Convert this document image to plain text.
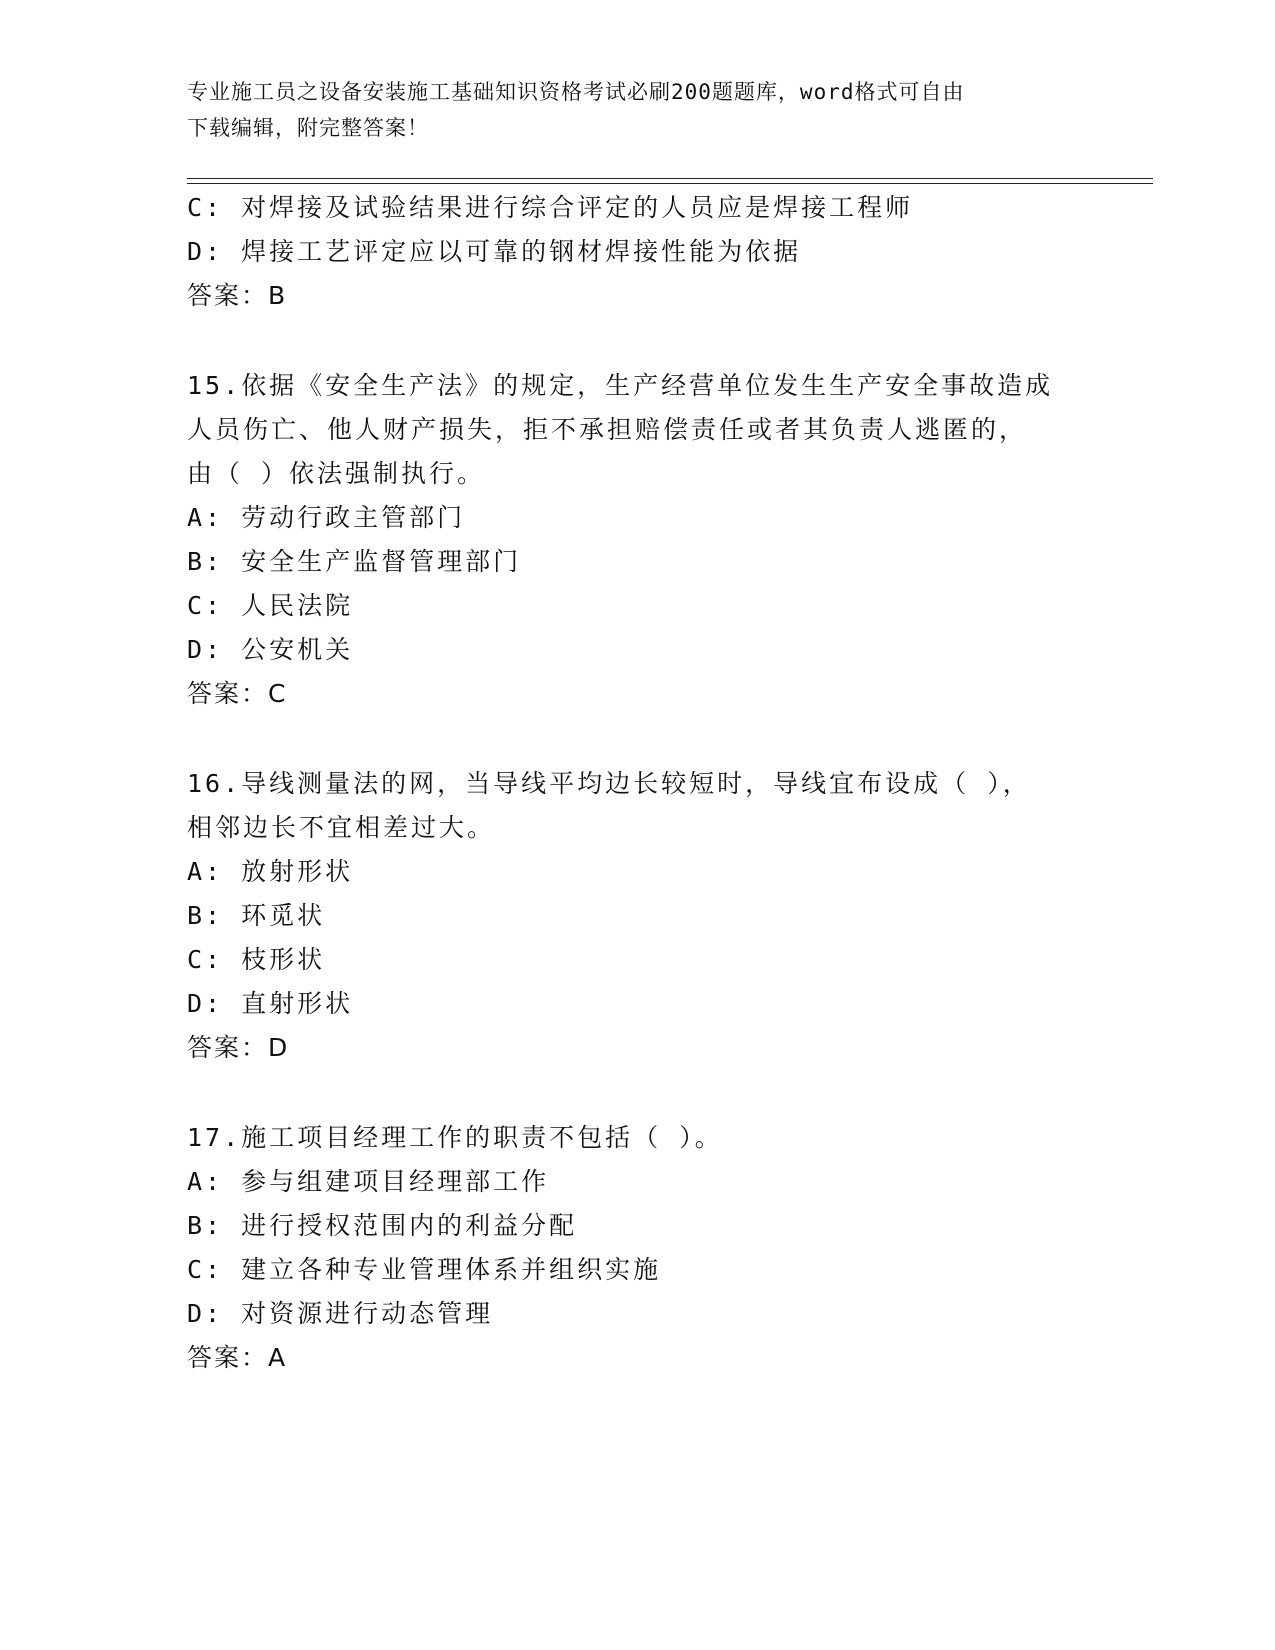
专业施工员之设备安装施工基础知识资格考试必刷200题题库，word格式可自由
下载编辑，附完整答案！
C: 对焊接及试验结果进行综合评定的人员应是焊接工程师
D: 焊接工艺评定应以可靠的钢材焊接性能为依据
答案：B
15.依据《安全生产法》的规定，生产经营单位发生生产安全事故造成
人员伤亡、他人财产损失，拒不承担赔偿责任或者其负责人逃匿的，
由（ ）依法强制执行。
A: 劳动行政主管部门
B: 安全生产监督管理部门
C: 人民法院
D: 公安机关
答案：C
16.导线测量法的网，当导线平均边长较短时，导线宜布设成（ ），
相邻边长不宜相差过大。
A: 放射形状
B: 环觅状
C: 枝形状
D: 直射形状
答案：D
17.施工项目经理工作的职责不包括（ ）。
A: 参与组建项目经理部工作
B: 进行授权范围内的利益分配
C: 建立各种专业管理体系并组织实施
D: 对资源进行动态管理
答案：A
